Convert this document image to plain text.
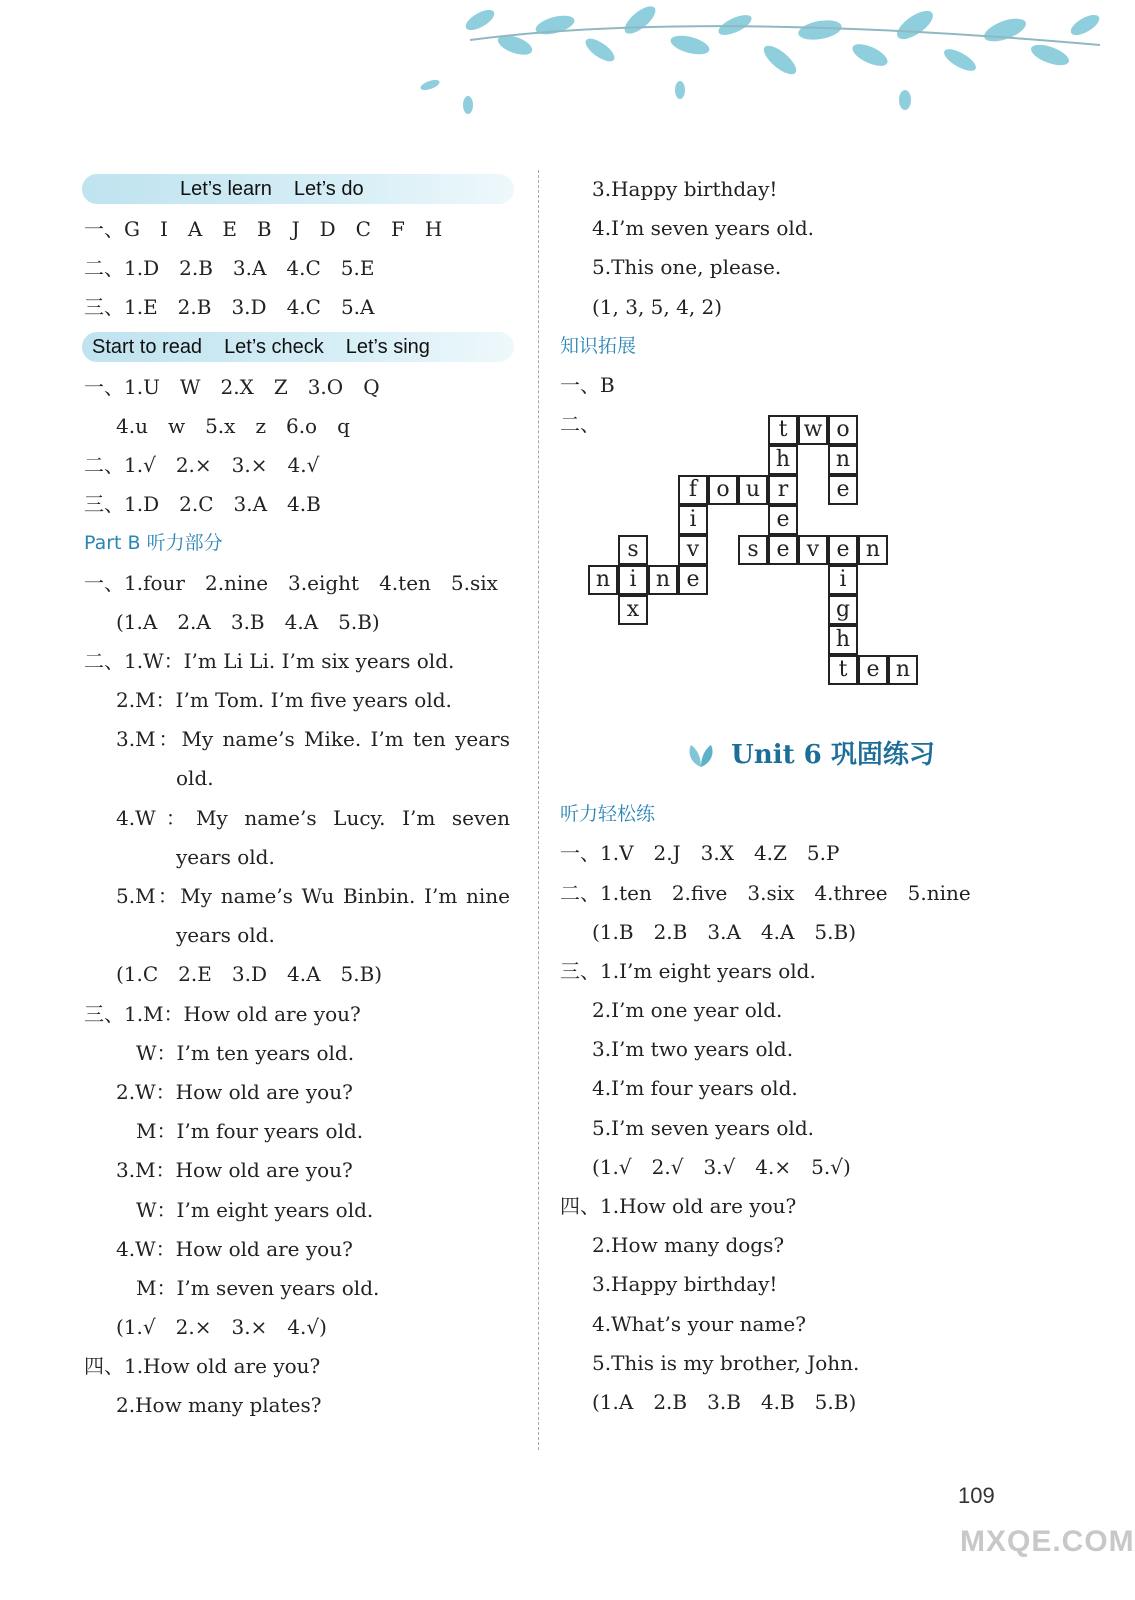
Let’s learn Let’s do
一、G　I　A　E　B　J　D　C　F　H
二、1.D　2.B　3.A　4.C　5.E
三、1.E　2.B　3.D　4.C　5.A
Start to read Let’s check Let’s sing
一、1.U　W　2.X　Z　3.O　Q
4.u　w　5.x　z　6.o　q
二、1.√　2.×　3.×　4.√
三、1.D　2.C　3.A　4.B
Part B 听力部分
一、1.four　2.nine　3.eight　4.ten　5.six
(1.A　2.A　3.B　4.A　5.B)
二、1.W：I’m Li Li. I’m six years old.
2.M：I’m Tom. I’m five years old.
3.M：My name’s Mike. I’m ten years
old.
4.W：My name’s Lucy. I’m seven
years old.
5.M：My name’s Wu Binbin. I’m nine
years old.
(1.C　2.E　3.D　4.A　5.B)
三、1.M：How old are you?
W：I’m ten years old.
2.W：How old are you?
M：I’m four years old.
3.M：How old are you?
W：I’m eight years old.
4.W：How old are you?
M：I’m seven years old.
(1.√　2.×　3.×　4.√)
四、1.How old are you?
2.How many plates?
3.Happy birthday!
4.I’m seven years old.
5.This one, please.
(1, 3, 5, 4, 2)
知识拓展
一、B
二、	t w o
h	n
f o u r	e
i	e
s	v	s e v e n
n i n e	i
x	g
h
t e n
Unit 6 巩固练习
听力轻松练
一、1.V　2.J　3.X　4.Z　5.P
二、1.ten　2.five　3.six　4.three　5.nine
(1.B　2.B　3.A　4.A　5.B)
三、1.I’m eight years old.
2.I’m one year old.
3.I’m two years old.
4.I’m four years old.
5.I’m seven years old.
(1.√　2.√　3.√　4.×　5.√)
四、1.How old are you?
2.How many dogs?
3.Happy birthday!
4.What’s your name?
5.This is my brother, John.
(1.A　2.B　3.B　4.B　5.B)
109
MXQE.COM
